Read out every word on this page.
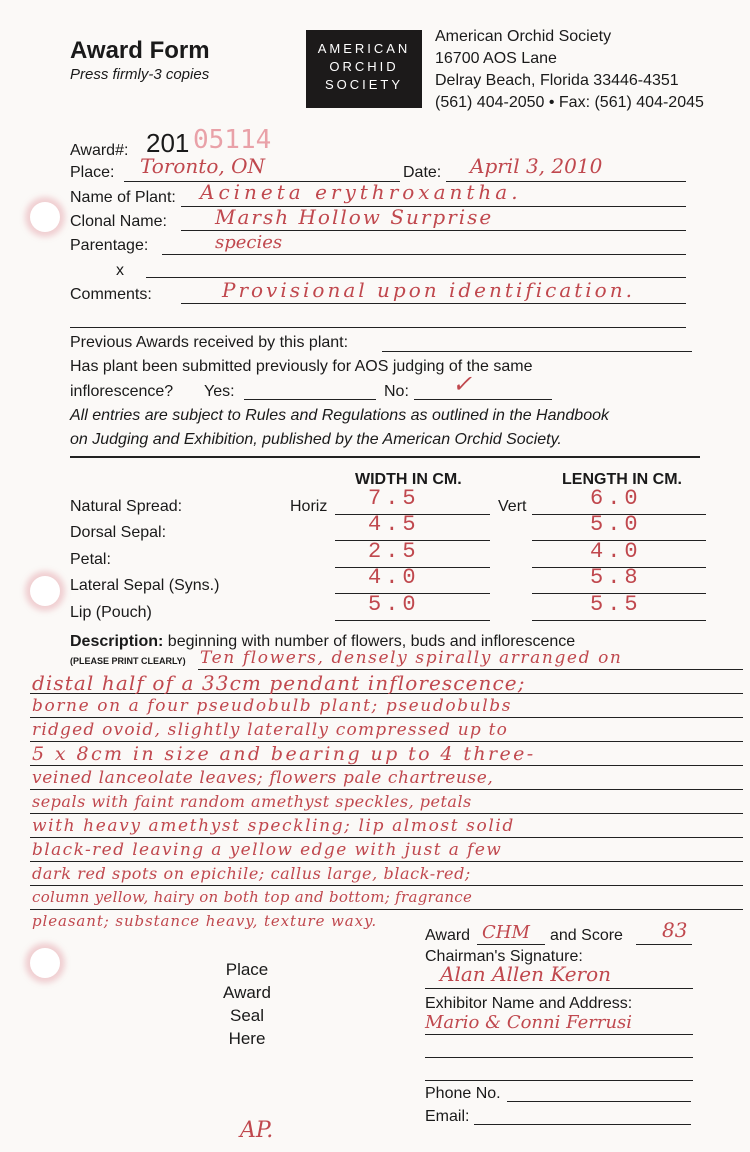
Award Form
Press firmly-3 copies
AMERICAN
ORCHID
SOCIETY
American Orchid Society
16700 AOS Lane
Delray Beach, Florida 33446-4351
(561) 404-2050 • Fax: (561) 404-2045
Award#: 201 05114
Place: Toronto, ON	Date: April 3, 2010
Name of Plant: Acineta erythroxantha.
Clonal Name: Marsh Hollow Surprise
Parentage:	species
x
Comments:	Provisional upon identification.
Previous Awards received by this plant:
Has plant been submitted previously for AOS judging of the same
inflorescence? Yes:	No: ✓
All entries are subject to Rules and Regulations as outlined in the Handbook
on Judging and Exhibition, published by the American Orchid Society.
WIDTH IN CM.	LENGTH IN CM.
Horiz	Vert
Natural Spread:	7.5	6.0
Dorsal Sepal:	4.5	5.0
Petal:	2.5	4.0
Lateral Sepal (Syns.)	4.0	5.8
Lip (Pouch)	5.0	5.5
Description: beginning with number of flowers, buds and inflorescence
(PLEASE PRINT CLEARLY) Ten flowers, densely spirally arranged on
distal half of a 33cm pendant inflorescence;
borne on a four pseudobulb plant; pseudobulbs
ridged ovoid, slightly laterally compressed up to
5 x 8cm in size and bearing up to 4 three-
veined lanceolate leaves; flowers pale chartreuse,
sepals with faint random amethyst speckles, petals
with heavy amethyst speckling; lip almost solid
black-red leaving a yellow edge with just a few
dark red spots on epichile; callus large, black-red;
column yellow, hairy on both top and bottom; fragrance
pleasant; substance heavy, texture waxy.
Award CHM and Score 83
Chairman's Signature:
Alan Allen Keron
Exhibitor Name and Address:
Mario & Conni Ferrusi
Phone No.
Email:
Place
Award
Seal
Here
AP.
